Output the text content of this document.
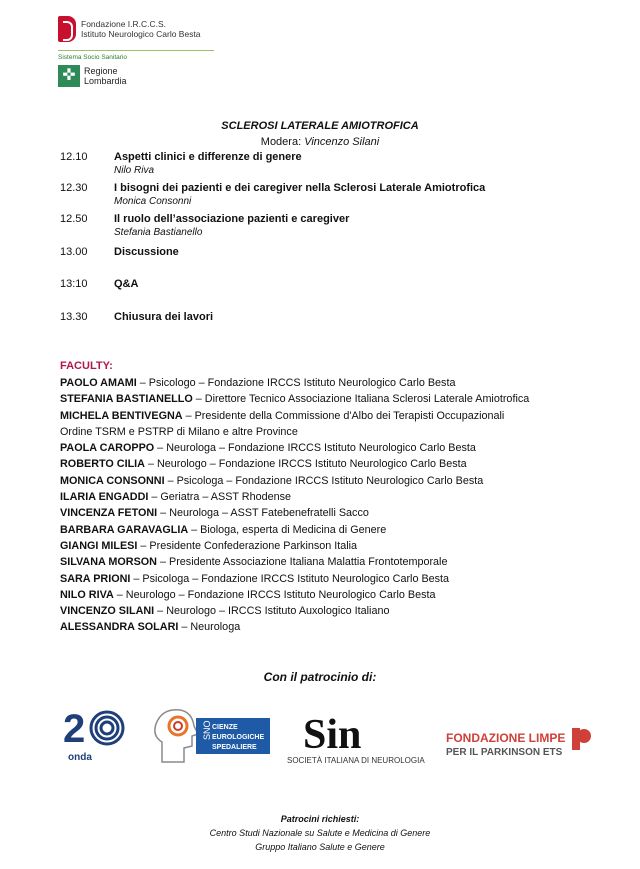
Fondazione I.R.C.C.S.
Istituto Neurologico Carlo Besta
Sistema Socio Sanitario
✜ Regione
Lombardia
SCLEROSI LATERALE AMIOTROFICA
Modera: Vincenzo Silani
12.10	Aspetti clinici e differenze di genere
Nilo Riva
12.30	I bisogni dei pazienti e dei caregiver nella Sclerosi Laterale Amiotrofica
Monica Consonni
12.50	Il ruolo dell’associazione pazienti e caregiver
Stefania Bastianello
13.00	Discussione
13:10	Q&A
13.30	Chiusura dei lavori
FACULTY:
PAOLO AMAMI – Psicologo – Fondazione IRCCS Istituto Neurologico Carlo Besta
STEFANIA BASTIANELLO – Direttore Tecnico Associazione Italiana Sclerosi Laterale Amiotrofica
MICHELA BENTIVEGNA – Presidente della Commissione d'Albo dei Terapisti Occupazionali
Ordine TSRM e PSTRP di Milano e altre Province
PAOLA CAROPPO – Neurologa – Fondazione IRCCS Istituto Neurologico Carlo Besta
ROBERTO CILIA – Neurologo – Fondazione IRCCS Istituto Neurologico Carlo Besta
MONICA CONSONNI – Psicologa – Fondazione IRCCS Istituto Neurologico Carlo Besta
ILARIA ENGADDI – Geriatra – ASST Rhodense
VINCENZA FETONI – Neurologa – ASST Fatebenefratelli Sacco
BARBARA GARAVAGLIA – Biologa, esperta di Medicina di Genere
GIANGI MILESI – Presidente Confederazione Parkinson Italia
SILVANA MORSON – Presidente Associazione Italiana Malattia Frontotemporale
SARA PRIONI – Psicologa – Fondazione IRCCS Istituto Neurologico Carlo Besta
NILO RIVA – Neurologo – Fondazione IRCCS Istituto Neurologico Carlo Besta
VINCENZO SILANI – Neurologo – IRCCS Istituto Auxologico Italiano
ALESSANDRA SOLARI – Neurologa
Con il patrocinio di:
2
onda
SNO CIENZE
EUROLOGICHE
SPEDALIERE Sin
SOCIETÀ ITALIANA DI NEUROLOGIA
FONDAZIONE LIMPE
PER IL PARKINSON ETS
Patrocini richiesti:
Centro Studi Nazionale su Salute e Medicina di Genere
Gruppo Italiano Salute e Genere
